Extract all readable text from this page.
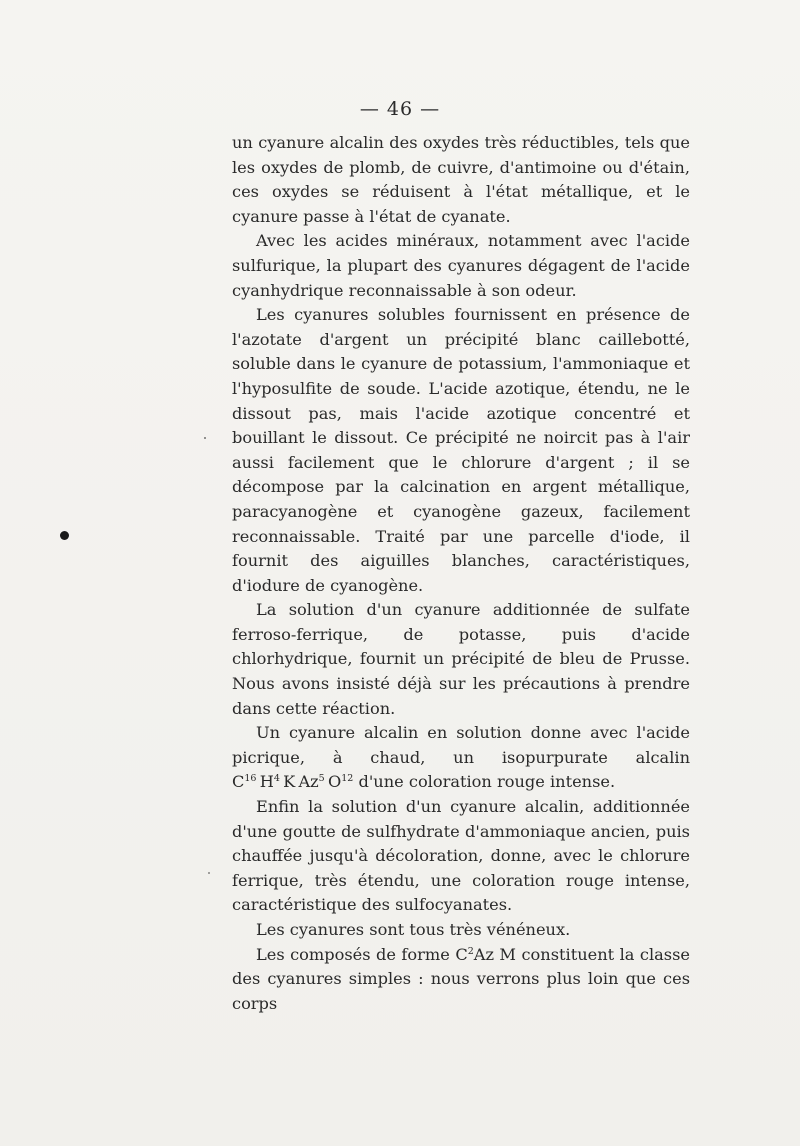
— 46 —

un cyanure alcalin des oxydes très réductibles, tels que les oxydes de plomb, de cuivre, d'antimoine ou d'étain, ces oxydes se réduisent à l'état métallique, et le cyanure passe à l'état de cyanate.

Avec les acides minéraux, notamment avec l'acide sulfurique, la plupart des cyanures dégagent de l'acide cyanhydrique reconnaissable à son odeur.

Les cyanures solubles fournissent en présence de l'azotate d'argent un précipité blanc caillebotté, soluble dans le cyanure de potassium, l'ammoniaque et l'hyposulfite de soude. L'acide azotique, étendu, ne le dissout pas, mais l'acide azotique concentré et bouillant le dissout. Ce précipité ne noircit pas à l'air aussi facilement que le chlorure d'argent ; il se décompose par la calcination en argent métallique, paracyanogène et cyanogène gazeux, facilement reconnaissable. Traité par une parcelle d'iode, il fournit des aiguilles blanches, caractéristiques, d'iodure de cyanogène.

La solution d'un cyanure additionnée de sulfate ferroso-ferrique, de potasse, puis d'acide chlorhydrique, fournit un précipité de bleu de Prusse. Nous avons insisté déjà sur les précautions à prendre dans cette réaction.

Un cyanure alcalin en solution donne avec l'acide picrique, à chaud, un isopurpurate alcalin $C^{16}$  $H^4$  K  Az$^5$  $O^{12}$ d'une coloration rouge intense.

Enfin la solution d'un cyanure alcalin, additionnée d'une goutte de sulfhydrate d'ammoniaque ancien, puis chauffée jusqu'à décoloration, donne, avec le chlorure ferrique, très étendu, une coloration rouge intense, caractéristique des sulfocyanates.

Les cyanures sont tous très vénéneux.

Les composés de forme $C^2Az$ M constituent la classe des cyanures simples : nous verrons plus loin que ces corps
